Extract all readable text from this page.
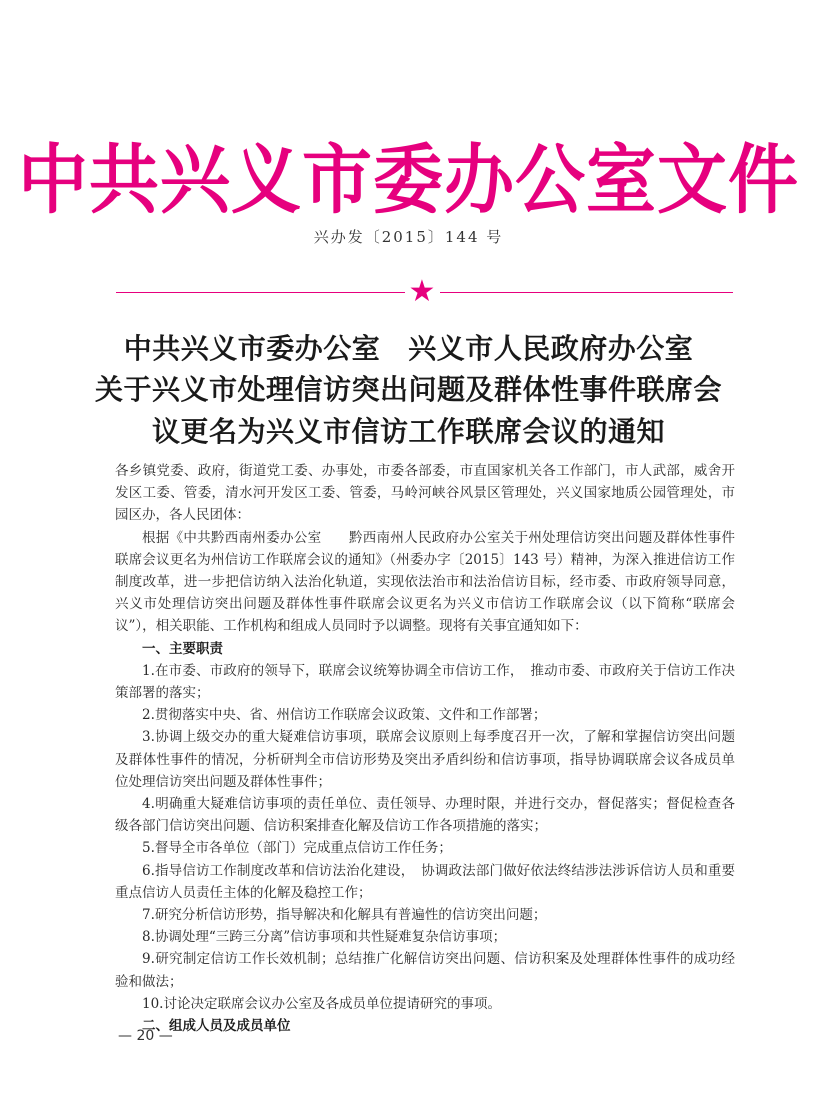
中共兴义市委办公室文件
兴办发〔2015〕144 号
★
中共兴义市委办公室 兴义市人民政府办公室
关于兴义市处理信访突出问题及群体性事件联席会
议更名为兴义市信访工作联席会议的通知

各乡镇党委、政府，街道党工委、办事处，市委各部委，市直国家机关各工作部门，市人武部，威舍开发区工委、管委，清水河开发区工委、管委，马岭河峡谷风景区管理处，兴义国家地质公园管理处，市园区办，各人民团体：

根据《中共黔西南州委办公室　　黔西南州人民政府办公室关于州处理信访突出问题及群体性事件联席会议更名为州信访工作联席会议的通知》（州委办字〔2015〕143 号）精神，为深入推进信访工作制度改革，进一步把信访纳入法治化轨道，实现依法治市和法治信访目标，经市委、市政府领导同意，兴义市处理信访突出问题及群体性事件联席会议更名为兴义市信访工作联席会议（以下简称“联席会议”），相关职能、工作机构和组成人员同时予以调整。现将有关事宜通知如下：

一、主要职责

1.在市委、市政府的领导下，联席会议统筹协调全市信访工作，　推动市委、市政府关于信访工作决策部署的落实；

2.贯彻落实中央、省、州信访工作联席会议政策、文件和工作部署；

3.协调上级交办的重大疑难信访事项，联席会议原则上每季度召开一次，了解和掌握信访突出问题及群体性事件的情况，分析研判全市信访形势及突出矛盾纠纷和信访事项，指导协调联席会议各成员单位处理信访突出问题及群体性事件；

4.明确重大疑难信访事项的责任单位、责任领导、办理时限，并进行交办，督促落实；督促检查各级各部门信访突出问题、信访积案排查化解及信访工作各项措施的落实；

5.督导全市各单位（部门）完成重点信访工作任务；

6.指导信访工作制度改革和信访法治化建设，　协调政法部门做好依法终结涉法涉诉信访人员和重要重点信访人员责任主体的化解及稳控工作；

7.研究分析信访形势，指导解决和化解具有普遍性的信访突出问题；

8.协调处理“三跨三分离”信访事项和共性疑难复杂信访事项；

9.研究制定信访工作长效机制；总结推广化解信访突出问题、信访积案及处理群体性事件的成功经验和做法；

10.讨论决定联席会议办公室及各成员单位提请研究的事项。

二、组成人员及成员单位

— 20 —
